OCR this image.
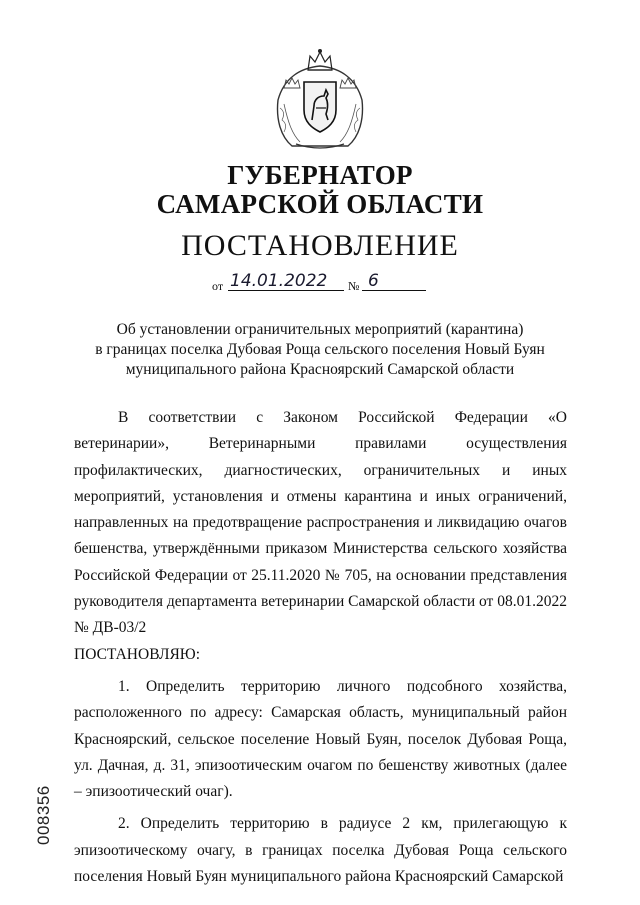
ГУБЕРНАТОР
САМАРСКОЙ ОБЛАСТИ
ПОСТАНОВЛЕНИЕ
от 14.01.2022 № 6
Об установлении ограничительных мероприятий (карантина)
в границах поселка Дубовая Роща сельского поселения Новый Буян
муниципального района Красноярский Самарской области

В соответствии с Законом Российской Федерации «О ветеринарии», Ветеринарными правилами осуществления профилактических, диагностических, ограничительных и иных мероприятий, установления и отмены карантина и иных ограничений, направленных на предотвращение распространения и ликвидацию очагов бешенства, утверждёнными приказом Министерства сельского хозяйства Российской Федерации от 25.11.2020 № 705, на основании представления руководителя департамента ветеринарии Самарской области от 08.01.2022 № ДВ-03/2

ПОСТАНОВЛЯЮ:

1. Определить территорию личного подсобного хозяйства, расположенного по адресу: Самарская область, муниципальный район Красноярский, сельское поселение Новый Буян, поселок Дубовая Роща, ул. Дачная, д. 31, эпизоотическим очагом по бешенству животных (далее – эпизоотический очаг).

2. Определить территорию в радиусе 2 км, прилегающую к эпизоотическому очагу, в границах поселка Дубовая Роща сельского поселения Новый Буян муниципального района Красноярский Самарской

008356
